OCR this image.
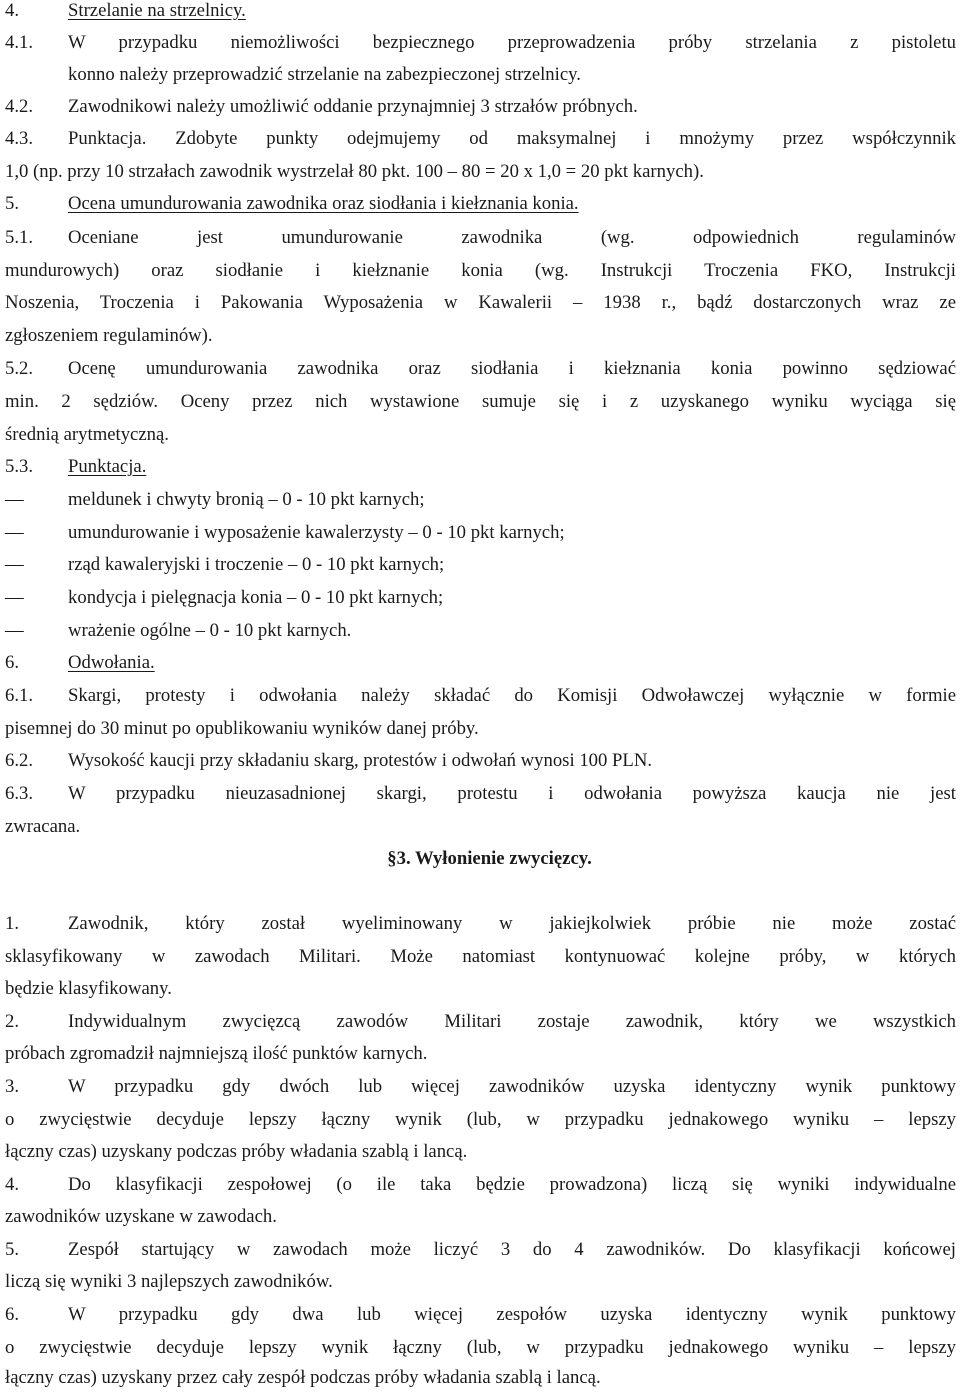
4.	Strzelanie na strzelnicy.
4.1. W przypadku niemożliwości bezpiecznego przeprowadzenia próby strzelania z pistoletu
konno należy przeprowadzić strzelanie na zabezpieczonej strzelnicy.
4.2. Zawodnikowi należy umożliwić oddanie przynajmniej 3 strzałów próbnych.
4.3. Punktacja. Zdobyte punkty odejmujemy od maksymalnej i mnożymy przez współczynnik
1,0 (np. przy 10 strzałach zawodnik wystrzelał 80 pkt. 100 – 80 = 20 x 1,0 = 20 pkt karnych).
5.	Ocena umundurowania zawodnika oraz siodłania i kiełznania konia.
5.1. Oceniane jest umundurowanie zawodnika (wg. odpowiednich regulaminów
mundurowych) oraz siodłanie i kiełznanie konia (wg. Instrukcji Troczenia FKO, Instrukcji
Noszenia, Troczenia i Pakowania Wyposażenia w Kawalerii – 1938 r., bądź dostarczonych wraz ze
zgłoszeniem regulaminów).
5.2. Ocenę umundurowania zawodnika oraz siodłania i kiełznania konia powinno sędziować
min. 2 sędziów. Oceny przez nich wystawione sumuje się i z uzyskanego wyniku wyciąga się
średnią arytmetyczną.
5.3. Punktacja.
— meldunek i chwyty bronią – 0 - 10 pkt karnych;
— umundurowanie i wyposażenie kawalerzysty – 0 - 10 pkt karnych;
— rząd kawaleryjski i troczenie – 0 - 10 pkt karnych;
— kondycja i pielęgnacja konia – 0 - 10 pkt karnych;
— wrażenie ogólne – 0 - 10 pkt karnych.
6.	Odwołania.
6.1. Skargi, protesty i odwołania należy składać do Komisji Odwoławczej wyłącznie w formie
pisemnej do 30 minut po opublikowaniu wyników danej próby.
6.2. Wysokość kaucji przy składaniu skarg, protestów i odwołań wynosi 100 PLN.
6.3. W przypadku nieuzasadnionej skargi, protestu i odwołania powyższa kaucja nie jest
zwracana.
§3. Wyłonienie zwycięzcy.
1.	Zawodnik, który został wyeliminowany w jakiejkolwiek próbie nie może zostać
sklasyfikowany w zawodach Militari. Może natomiast kontynuować kolejne próby, w których
będzie klasyfikowany.
2.	Indywidualnym zwycięzcą zawodów Militari zostaje zawodnik, który we wszystkich
próbach zgromadził najmniejszą ilość punktów karnych.
3.	W przypadku gdy dwóch lub więcej zawodników uzyska identyczny wynik punktowy
o zwycięstwie decyduje lepszy łączny wynik (lub, w przypadku jednakowego wyniku – lepszy
łączny czas) uzyskany podczas próby władania szablą i lancą.
4.	Do klasyfikacji zespołowej (o ile taka będzie prowadzona) liczą się wyniki indywidualne
zawodników uzyskane w zawodach.
5.	Zespół startujący w zawodach może liczyć 3 do 4 zawodników. Do klasyfikacji końcowej
liczą się wyniki 3 najlepszych zawodników.
6.	W przypadku gdy dwa lub więcej zespołów uzyska identyczny wynik punktowy
o zwycięstwie decyduje lepszy wynik łączny (lub, w przypadku jednakowego wyniku – lepszy
łączny czas) uzyskany przez cały zespół podczas próby władania szablą i lancą.
